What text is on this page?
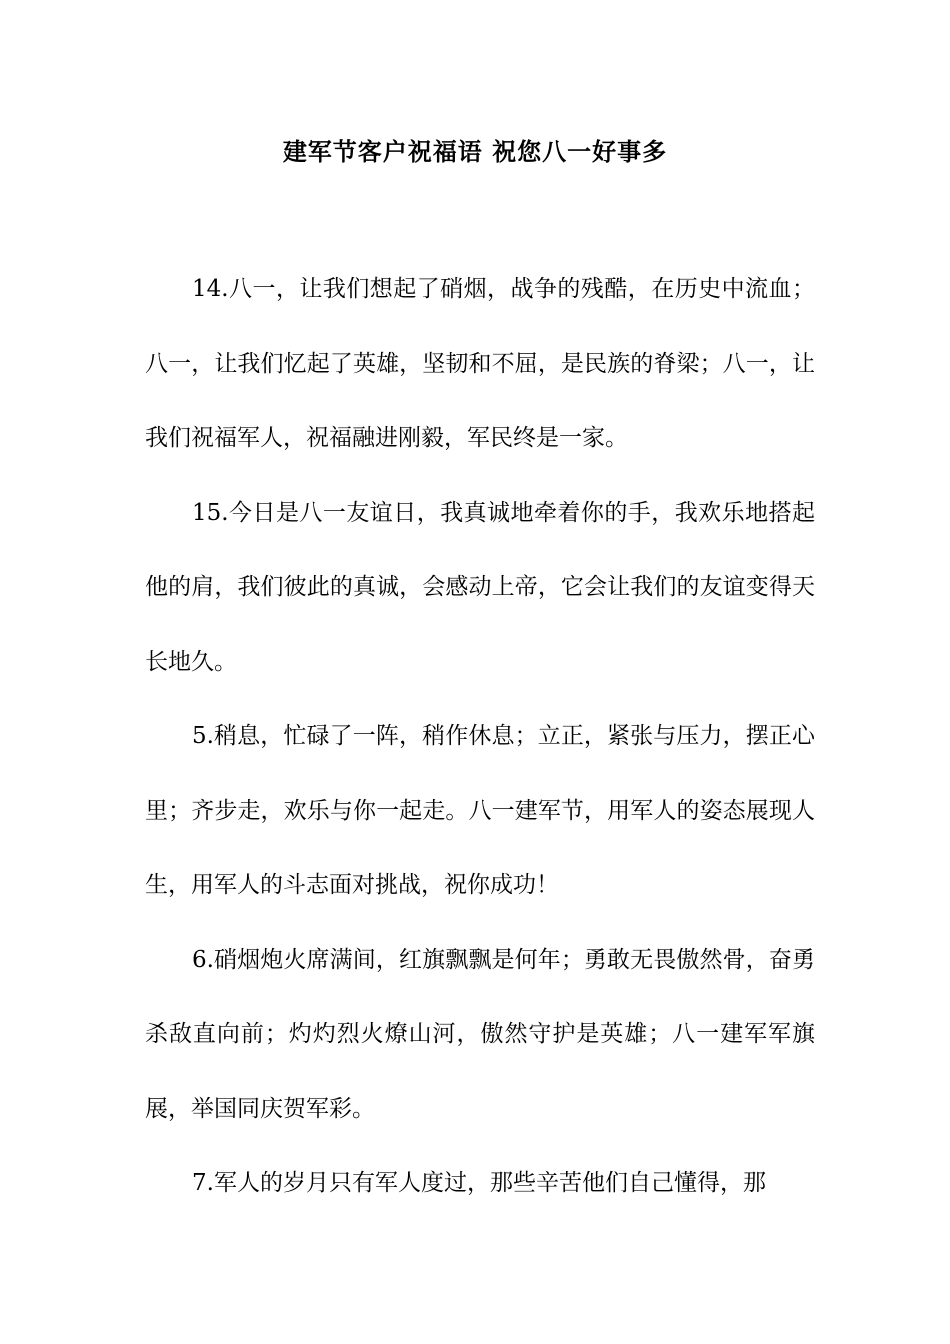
建军节客户祝福语 祝您八一好事多

14.八一，让我们想起了硝烟，战争的残酷，在历史中流血；八一，让我们忆起了英雄，坚韧和不屈，是民族的脊梁；八一，让我们祝福军人，祝福融进刚毅，军民终是一家。

15.今日是八一友谊日，我真诚地牵着你的手，我欢乐地搭起他的肩，我们彼此的真诚，会感动上帝，它会让我们的友谊变得天长地久。

5.稍息，忙碌了一阵，稍作休息；立正，紧张与压力，摆正心里；齐步走，欢乐与你一起走。八一建军节，用军人的姿态展现人生，用军人的斗志面对挑战，祝你成功！

6.硝烟炮火席满间，红旗飘飘是何年；勇敢无畏傲然骨，奋勇杀敌直向前；灼灼烈火燎山河，傲然守护是英雄；八一建军军旗展，举国同庆贺军彩。

7.军人的岁月只有军人度过，那些辛苦他们自己懂得，那
